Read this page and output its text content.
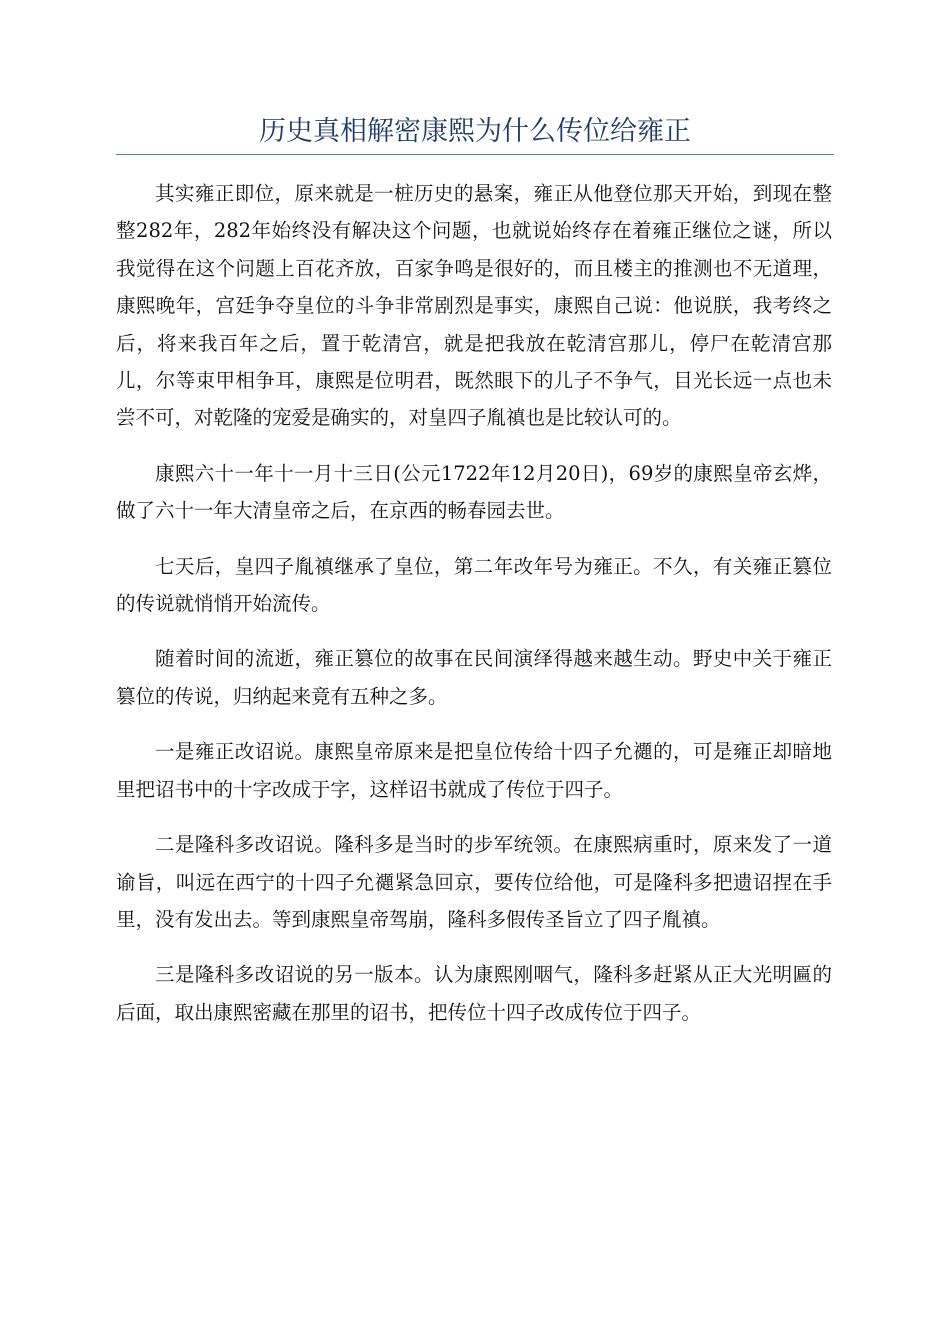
历史真相解密康熙为什么传位给雍正

其实雍正即位，原来就是一桩历史的悬案，雍正从他登位那天开始，到现在整整282年，282年始终没有解决这个问题，也就说始终存在着雍正继位之谜，所以我觉得在这个问题上百花齐放，百家争鸣是很好的，而且楼主的推测也不无道理，康熙晚年，宫廷争夺皇位的斗争非常剧烈是事实，康熙自己说：他说朕，我考终之后，将来我百年之后，置于乾清宫，就是把我放在乾清宫那儿，停尸在乾清宫那儿，尔等束甲相争耳，康熙是位明君，既然眼下的儿子不争气，目光长远一点也未尝不可，对乾隆的宠爱是确实的，对皇四子胤禛也是比较认可的。

康熙六十一年十一月十三日(公元1722年12月20日)，69岁的康熙皇帝玄烨，做了六十一年大清皇帝之后，在京西的畅春园去世。

七天后，皇四子胤禛继承了皇位，第二年改年号为雍正。不久，有关雍正篡位的传说就悄悄开始流传。

随着时间的流逝，雍正篡位的故事在民间演绎得越来越生动。野史中关于雍正篡位的传说，归纳起来竟有五种之多。

一是雍正改诏说。康熙皇帝原来是把皇位传给十四子允禵的，可是雍正却暗地里把诏书中的十字改成于字，这样诏书就成了传位于四子。

二是隆科多改诏说。隆科多是当时的步军统领。在康熙病重时，原来发了一道谕旨，叫远在西宁的十四子允禵紧急回京，要传位给他，可是隆科多把遗诏捏在手里，没有发出去。等到康熙皇帝驾崩，隆科多假传圣旨立了四子胤禛。

三是隆科多改诏说的另一版本。认为康熙刚咽气，隆科多赶紧从正大光明匾的后面，取出康熙密藏在那里的诏书，把传位十四子改成传位于四子。
